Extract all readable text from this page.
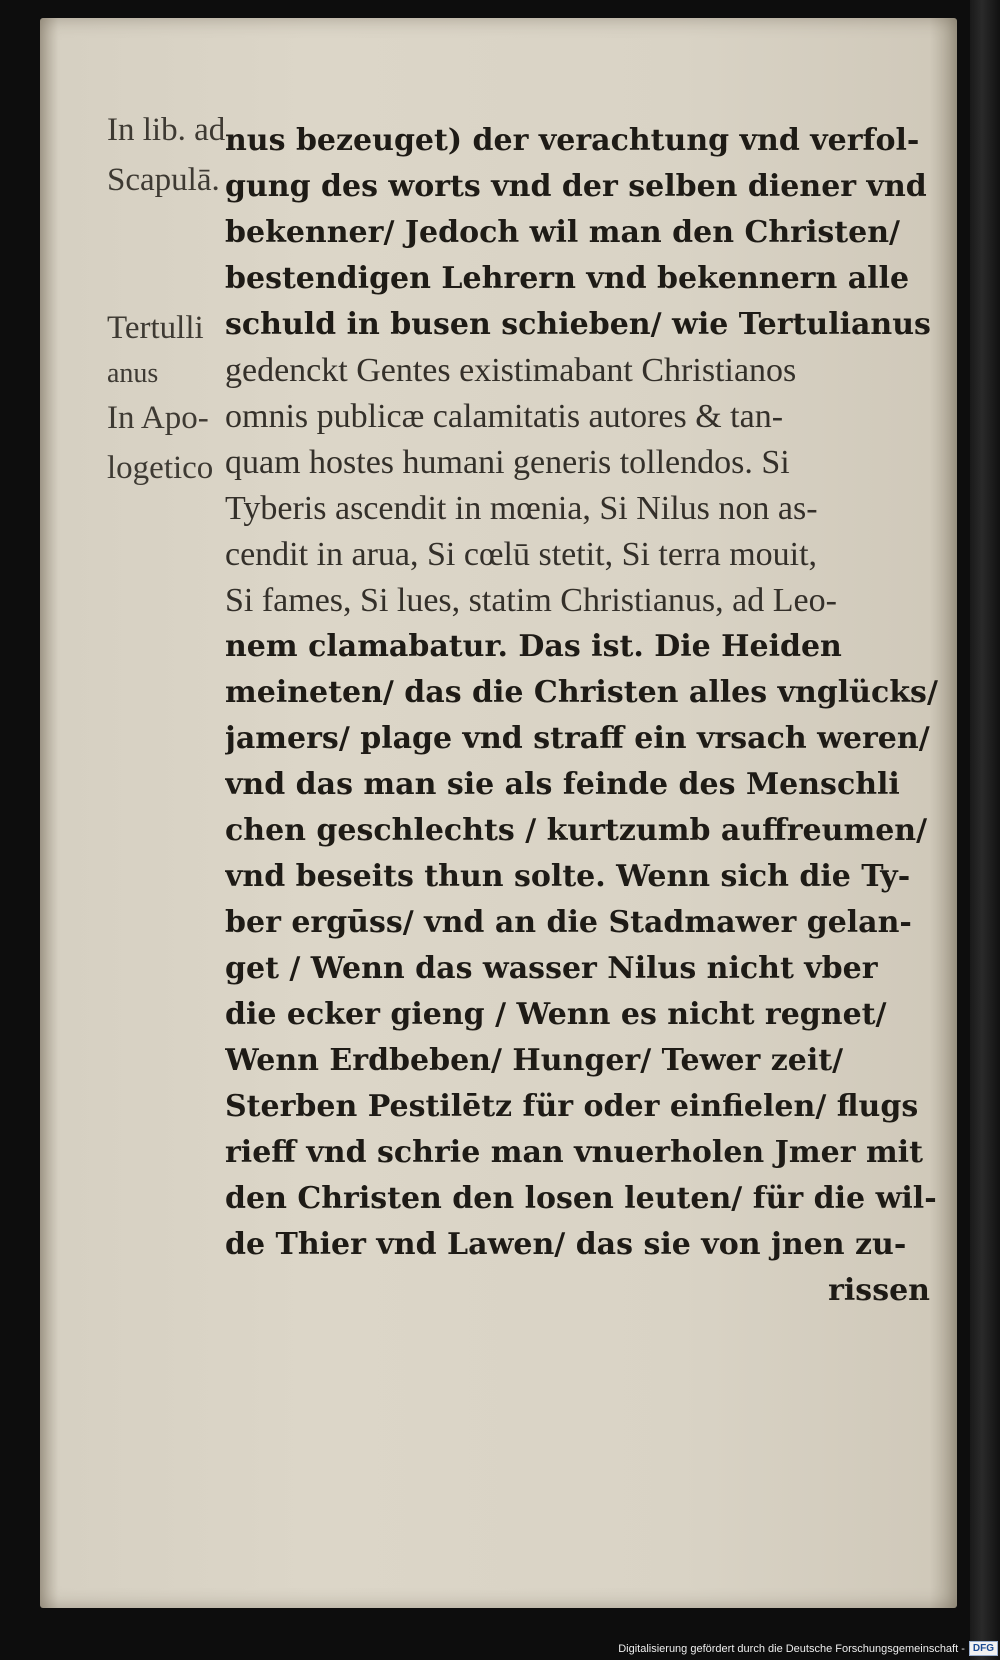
In lib. ad
Scapulā.
Tertulli
anus
In Apo-
logetico
nus bezeuget) der verachtung vnd verfol-
gung des worts vnd der selben diener vnd
bekenner/ Jedoch wil man den Christen/
bestendigen Lehrern vnd bekennern alle
schuld in busen schieben/ wie Tertulianus
gedenckt Gentes existimabant Christianos
omnis publicæ calamitatis autores & tan-
quam hostes humani generis tollendos. Si
Tyberis ascendit in mœnia, Si Nilus non as-
cendit in arua, Si cœlū stetit, Si terra mouit,
Si fames, Si lues, statim Christianus, ad Leo-
nem clamabatur. Das ist. Die Heiden
meineten/ das die Christen alles vnglücks/
jamers/ plage vnd straff ein vrsach weren/
vnd das man sie als feinde des Menschli
chen geschlechts / kurtzumb auffreumen/
vnd beseits thun solte. Wenn sich die Ty-
ber ergūss/ vnd an die Stadmawer gelan-
get / Wenn das wasser Nilus nicht vber
die ecker gieng / Wenn es nicht regnet/
Wenn Erdbeben/ Hunger/ Tewer zeit/
Sterben Pestilētz für oder einfielen/ flugs
rieff vnd schrie man vnuerholen Jmer mit
den Christen den losen leuten/ für die wil-
de Thier vnd Lawen/ das sie von jnen zu-
rissen
Digitalisierung gefördert durch die Deutsche Forschungsgemeinschaft - DFG
